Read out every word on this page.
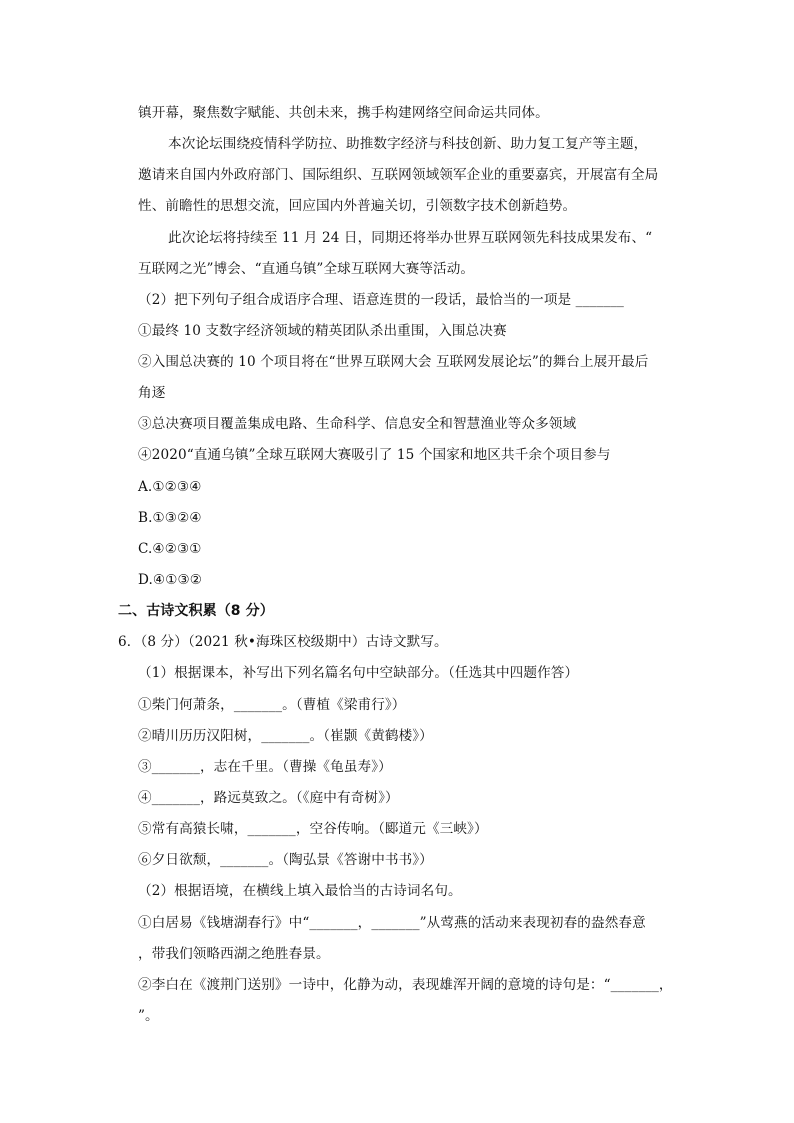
镇开幕，聚焦数字赋能、共创未来，携手构建网络空间命运共同体。
本次论坛围绕疫情科学防拉、助推数字经济与科技创新、助力复工复产等主题，
邀请来自国内外政府部门、国际组织、互联网领域领军企业的重要嘉宾，开展富有全局
性、前瞻性的思想交流，回应国内外普遍关切，引领数字技术创新趋势。
此次论坛将持续至 11 月 24 日，同期还将举办世界互联网领先科技成果发布、“
互联网之光”博会、“直通乌镇”全球互联网大赛等活动。
（2）把下列句子组合成语序合理、语意连贯的一段话，最恰当的一项是 _______
①最终 10 支数字经济领域的精英团队杀出重围，入围总决赛
②入围总决赛的 10 个项目将在“世界互联网大会 互联网发展论坛”的舞台上展开最后
角逐
③总决赛项目覆盖集成电路、生命科学、信息安全和智慧渔业等众多领域
④2020“直通乌镇”全球互联网大赛吸引了 15 个国家和地区共千余个项目参与
A.①②③④
B.①③②④
C.④②③①
D.④①③②
二、古诗文积累（8 分）
6．（8 分）（2021 秋•海珠区校级期中）古诗文默写。
（1）根据课本，补写出下列名篇名句中空缺部分。（任选其中四题作答）
①柴门何萧条，_______。（曹植《梁甫行》）
②晴川历历汉阳树，_______。（崔颢《黄鹤楼》）
③_______，志在千里。（曹操《龟虽寿》）
④_______，路远莫致之。（《庭中有奇树》）
⑤常有高猿长啸，_______，空谷传响。（郾道元《三峡》）
⑥夕日欲颓，_______。（陶弘景《答谢中书书》）
（2）根据语境，在横线上填入最恰当的古诗词名句。
①白居易《钱塘湖春行》中“_______，_______”从莺燕的活动来表现初春的盎然春意
，带我们领略西湖之绝胜春景。
②李白在《渡荆门送别》一诗中，化静为动，表现雄浑开阔的意境的诗句是：“_______，
”。
